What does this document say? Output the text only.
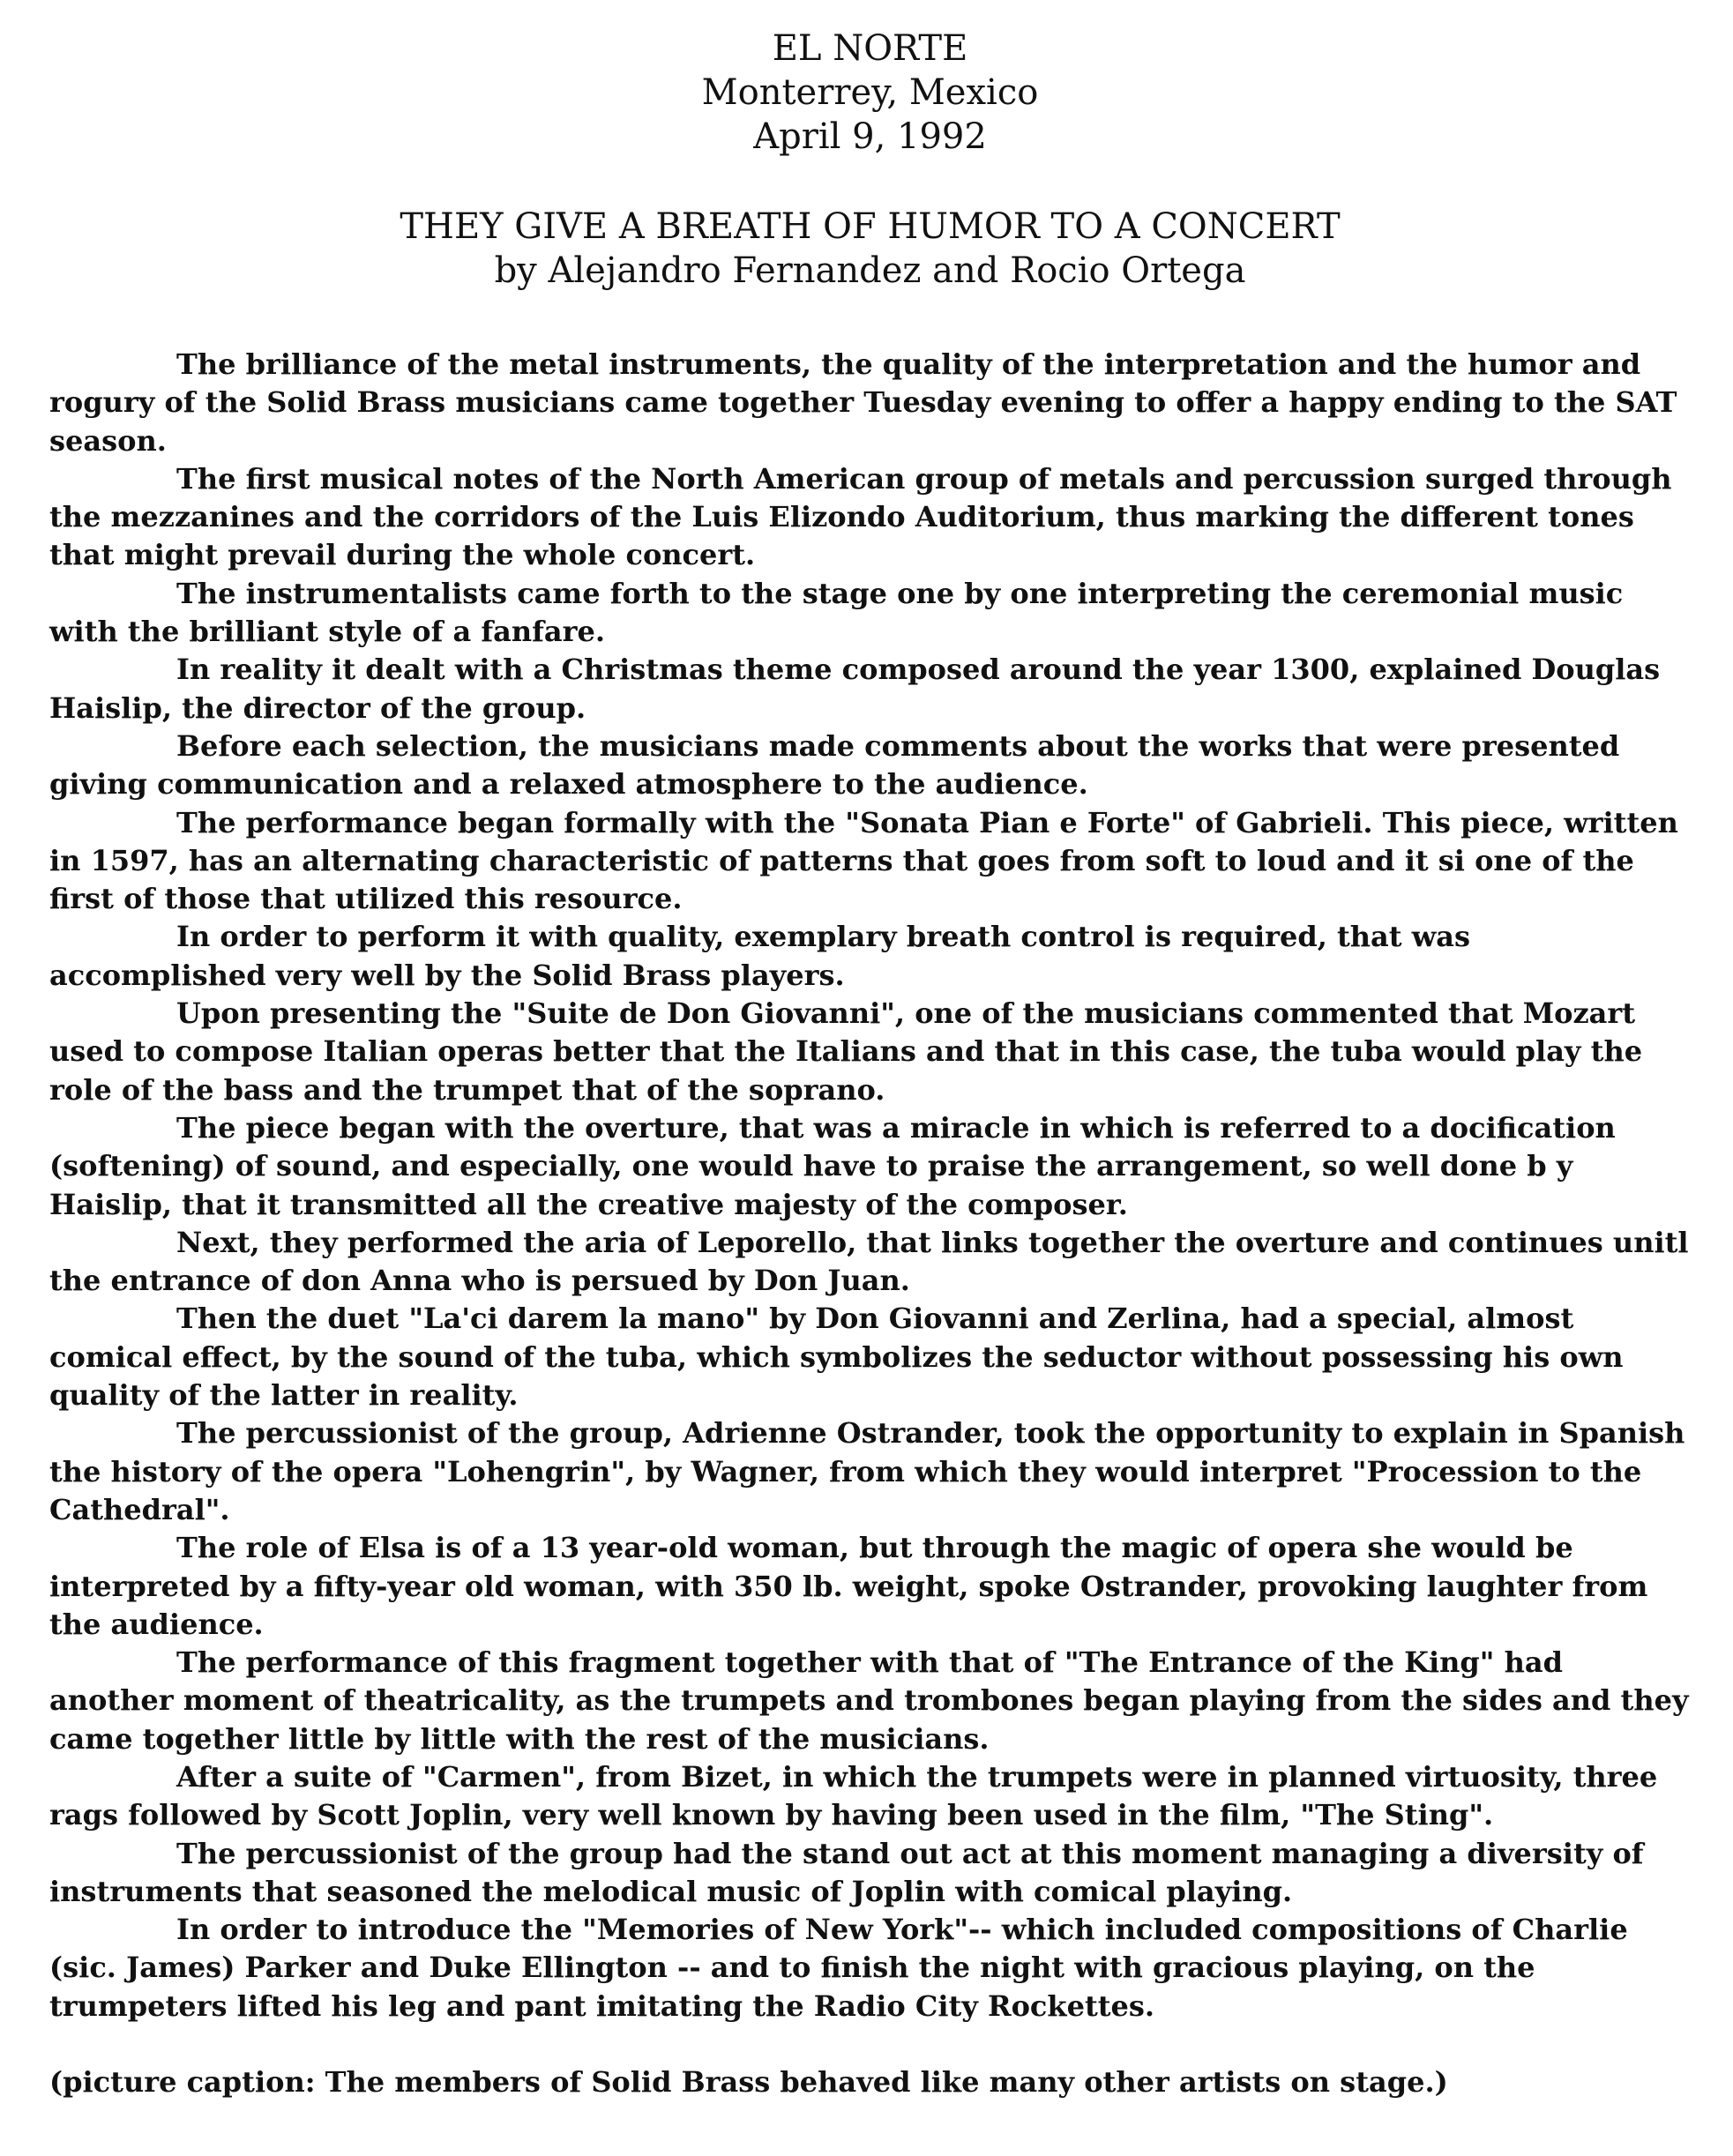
EL NORTE
Monterrey, Mexico
April 9, 1992
THEY GIVE A BREATH OF HUMOR TO A CONCERT
by Alejandro Fernandez and Rocio Ortega

The brilliance of the metal instruments, the quality of the interpretation and the humor and rogury of the Solid Brass musicians came together Tuesday evening to offer a happy ending to the SAT season.

The first musical notes of the North American group of metals and percussion surged through the mezzanines and the corridors of the Luis Elizondo Auditorium, thus marking the different tones that might prevail during the whole concert.

The instrumentalists came forth to the stage one by one interpreting the ceremonial music with the brilliant style of a fanfare.

In reality it dealt with a Christmas theme composed around the year 1300, explained Douglas Haislip, the director of the group.

Before each selection, the musicians made comments about the works that were presented giving communication and a relaxed atmosphere to the audience.

The performance began formally with the "Sonata Pian e Forte" of Gabrieli. This piece, written in 1597, has an alternating characteristic of patterns that goes from soft to loud and it si one of the first of those that utilized this resource.

In order to perform it with quality, exemplary breath control is required, that was accomplished very well by the Solid Brass players.

Upon presenting the "Suite de Don Giovanni", one of the musicians commented that Mozart used to compose Italian operas better that the Italians and that in this case, the tuba would play the role of the bass and the trumpet that of the soprano.

The piece began with the overture, that was a miracle in which is referred to a docification (softening) of sound, and especially, one would have to praise the arrangement, so well done b y Haislip, that it transmitted all the creative majesty of the composer.

Next, they performed the aria of Leporello, that links together the overture and continues unitl the entrance of don Anna who is persued by Don Juan.

Then the duet "La'ci darem la mano" by Don Giovanni and Zerlina, had a special, almost comical effect, by the sound of the tuba, which symbolizes the seductor without possessing his own quality of the latter in reality.

The percussionist of the group, Adrienne Ostrander, took the opportunity to explain in Spanish the history of the opera "Lohengrin", by Wagner, from which they would interpret "Procession to the Cathedral".

The role of Elsa is of a 13 year-old woman, but through the magic of opera she would be interpreted by a fifty-year old woman, with 350 lb. weight, spoke Ostrander, provoking laughter from the audience.

The performance of this fragment together with that of "The Entrance of the King" had another moment of theatricality, as the trumpets and trombones began playing from the sides and they came together little by little with the rest of the musicians.

After a suite of "Carmen", from Bizet, in which the trumpets were in planned virtuosity, three rags followed by Scott Joplin, very well known by having been used in the film, "The Sting".

The percussionist of the group had the stand out act at this moment managing a diversity of instruments that seasoned the melodical music of Joplin with comical playing.

In order to introduce the "Memories of New York"-- which included compositions of Charlie (sic. James) Parker and Duke Ellington -- and to finish the night with gracious playing, on the trumpeters lifted his leg and pant imitating the Radio City Rockettes.

(picture caption: The members of Solid Brass behaved like many other artists on stage.)
